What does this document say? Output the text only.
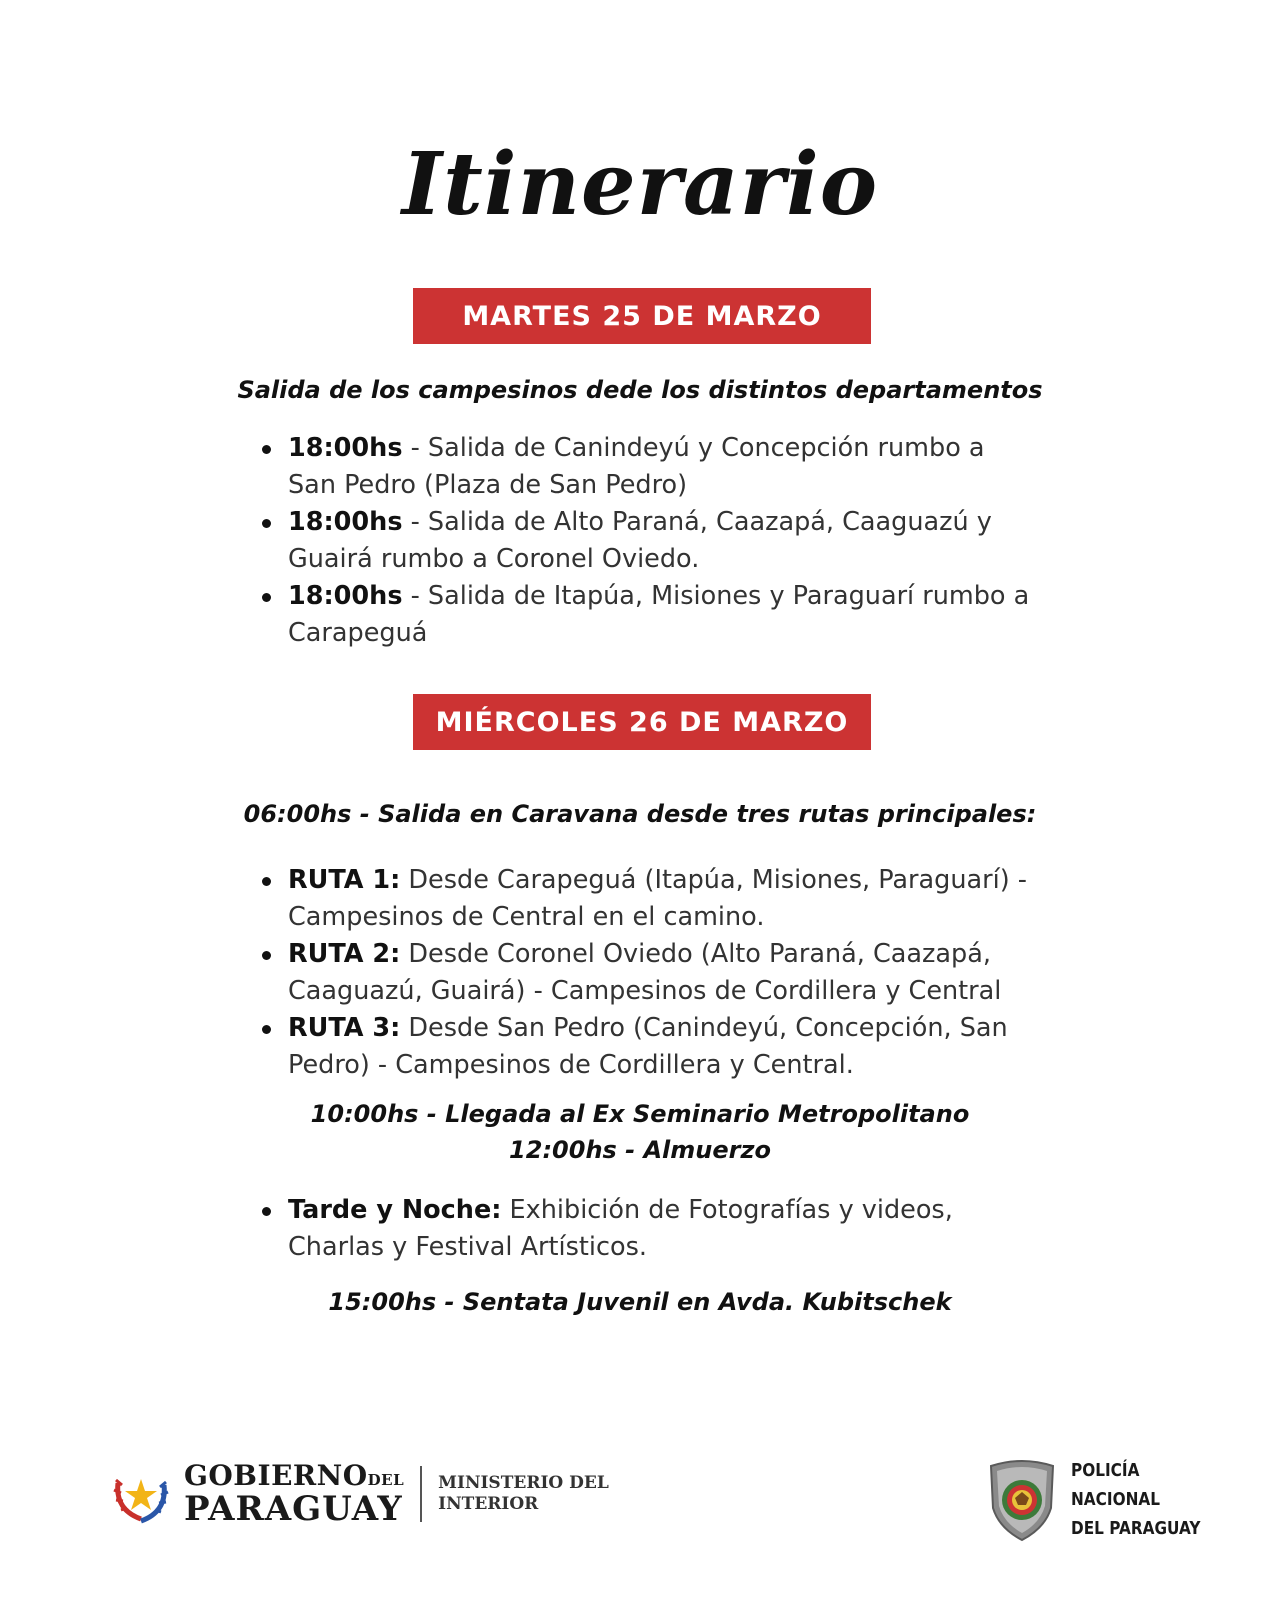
Itinerario
MARTES 25 DE MARZO

Salida de los campesinos dede los distintos departamentos

18:00hs - Salida de Canindeyú y Concepción rumbo a San Pedro (Plaza de San Pedro)
18:00hs - Salida de Alto Paraná, Caazapá, Caaguazú y Guairá rumbo a Coronel Oviedo.
18:00hs - Salida de Itapúa, Misiones y Paraguarí rumbo a Carapeguá
MIÉRCOLES 26 DE MARZO

06:00hs - Salida en Caravana desde tres rutas principales:

RUTA 1: Desde Carapeguá (Itapúa, Misiones, Paraguarí) - Campesinos de Central en el camino.
RUTA 2: Desde Coronel Oviedo (Alto Paraná, Caazapá, Caaguazú, Guairá) - Campesinos de Cordillera y Central
RUTA 3: Desde San Pedro (Canindeyú, Concepción, San Pedro) - Campesinos de Cordillera y Central.

10:00hs - Llegada al Ex Seminario Metropolitano

12:00hs - Almuerzo

Tarde y Noche: Exhibición de Fotografías y videos, Charlas y Festival Artísticos.

15:00hs - Sentata Juvenil en Avda. Kubitschek

GOBIERNODEL
PARAGUAY
MINISTERIO DEL
INTERIOR
POLICÍA
NACIONAL
DEL PARAGUAY
